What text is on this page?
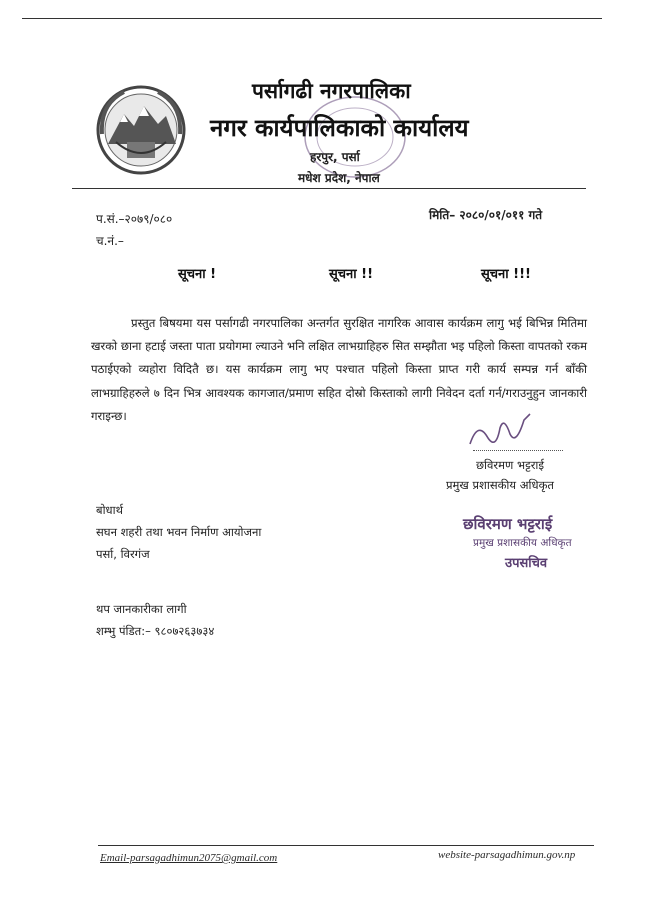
पर्सागढी नगरपालिका
नगर कार्यपालिकाको कार्यालय
हरपुर, पर्सा
मधेश प्रदेश, नेपाल
प.सं.–२०७९/०८०
च.नं.–
मिति– २०८०/०१/०११ गते
सूचना !	सूचना !!	सूचना !!!

प्रस्तुत बिषयमा यस पर्सागढी नगरपालिका अन्तर्गत सुरक्षित नागरिक आवास कार्यक्रम लागु भई बिभिन्न मितिमा खरको छाना हटाई जस्ता पाता प्रयोगमा ल्याउने भनि लक्षित लाभग्राहिहरु सित सम्झौता भइ पहिलो किस्ता वापतको रकम पठाईएको व्यहोरा विदितै छ। यस कार्यक्रम लागु भए पश्चात पहिलो किस्ता प्राप्त गरी कार्य सम्पन्न गर्न बाँकी लाभग्राहिहरुले ७ दिन भित्र आवश्यक कागजात/प्रमाण सहित दोस्रो किस्ताको लागी निवेदन दर्ता गर्न/गराउनुहुन जानकारी गराइन्छ।

छविरमण भट्टराई
प्रमुख प्रशासकीय अधिकृत
बोधार्थ
सघन शहरी तथा भवन निर्माण आयोजना
पर्सा, विरगंज
छविरमण भट्टराई
प्रमुख प्रशासकीय अधिकृत
उपसचिव
थप जानकारीका लागी
शम्भु पंडित:– ९८०७२६३७३४
Email-parsagadhimun2075@gmail.com	website-parsagadhimun.gov.np
